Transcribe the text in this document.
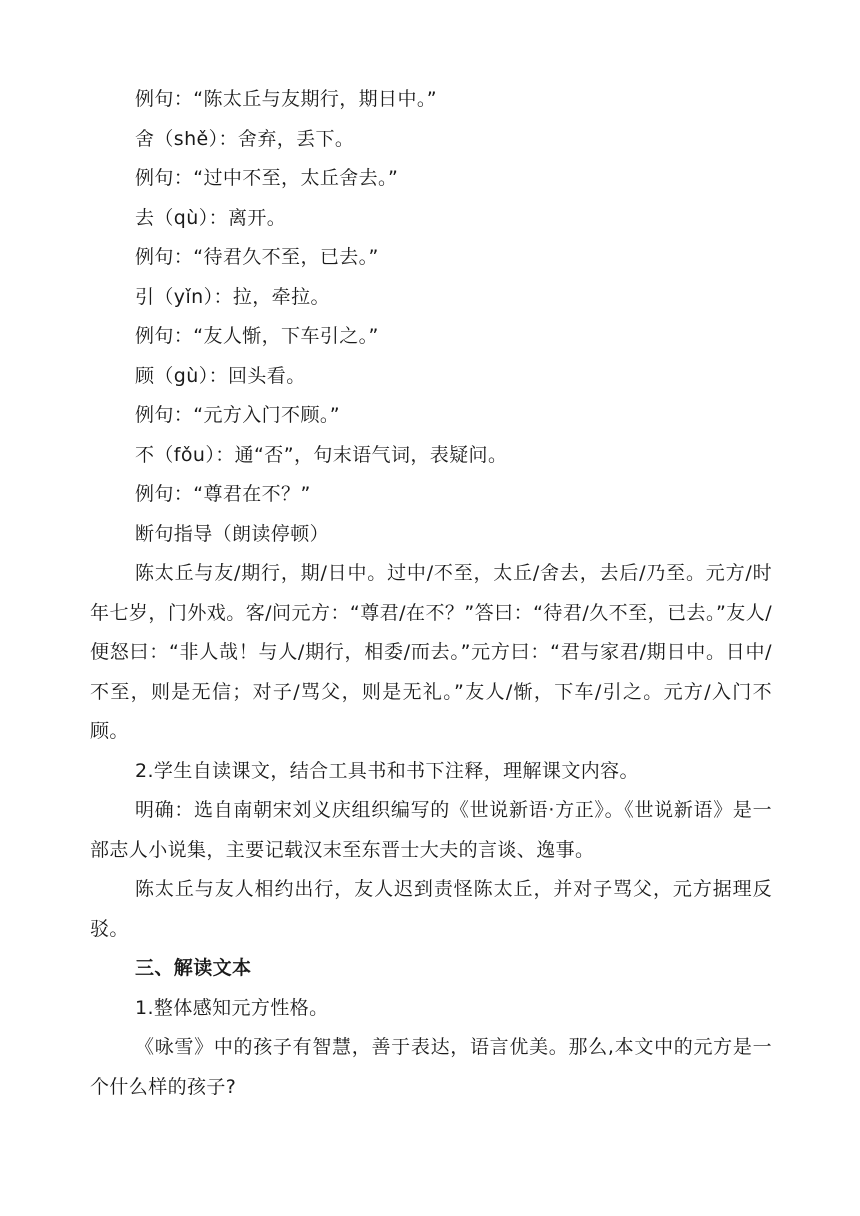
例句：“陈太丘与友期行，期日中。”

舍（shě）：舍弃，丢下。

例句：“过中不至，太丘舍去。”

去（qù）：离开。

例句：“待君久不至，已去。”

引（yǐn）：拉，牵拉。

例句：“友人惭，下车引之。”

顾（gù）：回头看。

例句：“元方入门不顾。”

不（fǒu）：通“否”，句末语气词，表疑问。

例句：“尊君在不？”

断句指导（朗读停顿）

陈太丘与友/期行，期/日中。过中/不至，太丘/舍去，去后/乃至。元方/时年七岁，门外戏。客/问元方：“尊君/在不？”答曰：“待君/久不至，已去。”友人/便怒曰：“非人哉！与人/期行，相委/而去。”元方曰：“君与家君/期日中。日中/不至，则是无信；对子/骂父，则是无礼。”友人/惭，下车/引之。元方/入门不顾。

2.学生自读课文，结合工具书和书下注释，理解课文内容。

明确：选自南朝宋刘义庆组织编写的《世说新语·方正》。《世说新语》是一部志人小说集，主要记载汉末至东晋士大夫的言谈、逸事。

陈太丘与友人相约出行，友人迟到责怪陈太丘，并对子骂父，元方据理反驳。

三、解读文本

1.整体感知元方性格。

《咏雪》中的孩子有智慧，善于表达，语言优美。那么,本文中的元方是一个什么样的孩子?
